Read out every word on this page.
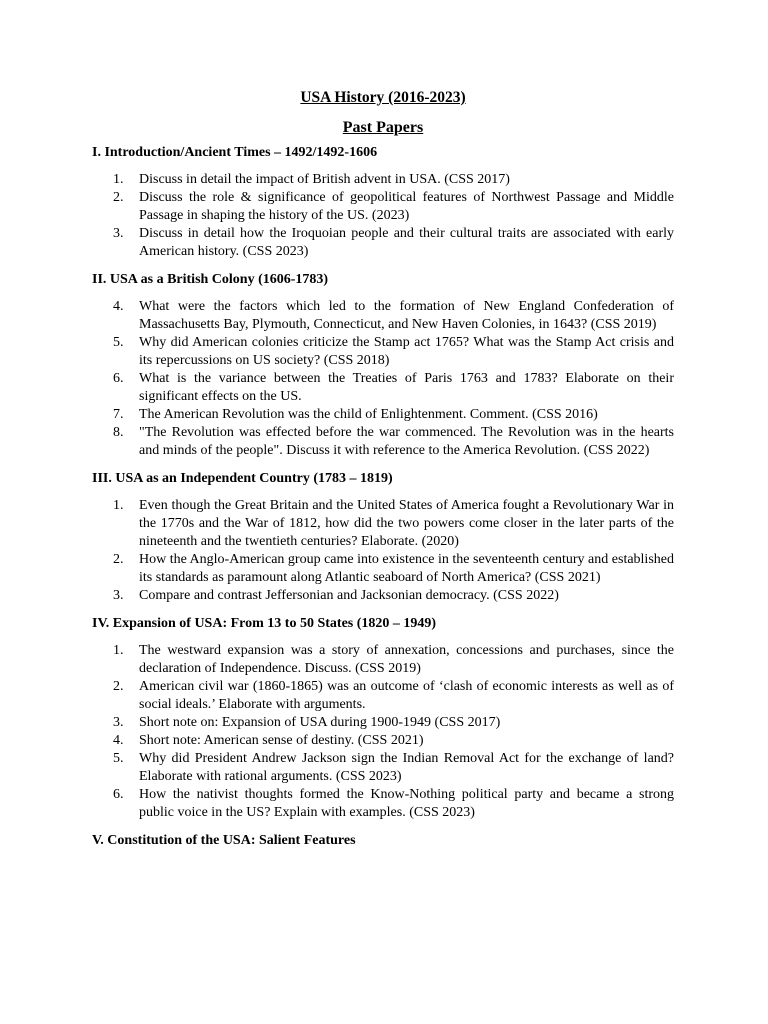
USA History (2016-2023)
Past Papers
I. Introduction/Ancient Times – 1492/1492-1606
1. Discuss in detail the impact of British advent in USA. (CSS 2017)
2. Discuss the role & significance of geopolitical features of Northwest Passage and Middle Passage in shaping the history of the US. (2023)
3. Discuss in detail how the Iroquoian people and their cultural traits are associated with early American history. (CSS 2023)
II. USA as a British Colony (1606-1783)
4. What were the factors which led to the formation of New England Confederation of Massachusetts Bay, Plymouth, Connecticut, and New Haven Colonies, in 1643? (CSS 2019)
5. Why did American colonies criticize the Stamp act 1765? What was the Stamp Act crisis and its repercussions on US society? (CSS 2018)
6. What is the variance between the Treaties of Paris 1763 and 1783? Elaborate on their significant effects on the US.
7. The American Revolution was the child of Enlightenment. Comment. (CSS 2016)
8. "The Revolution was effected before the war commenced. The Revolution was in the hearts and minds of the people". Discuss it with reference to the America Revolution. (CSS 2022)
III. USA as an Independent Country (1783 – 1819)
1. Even though the Great Britain and the United States of America fought a Revolutionary War in the 1770s and the War of 1812, how did the two powers come closer in the later parts of the nineteenth and the twentieth centuries? Elaborate. (2020)
2. How the Anglo-American group came into existence in the seventeenth century and established its standards as paramount along Atlantic seaboard of North America? (CSS 2021)
3. Compare and contrast Jeffersonian and Jacksonian democracy. (CSS 2022)
IV. Expansion of USA: From 13 to 50 States (1820 – 1949)
1. The westward expansion was a story of annexation, concessions and purchases, since the declaration of Independence. Discuss. (CSS 2019)
2. American civil war (1860-1865) was an outcome of ‘clash of economic interests as well as of social ideals.’ Elaborate with arguments.
3. Short note on: Expansion of USA during 1900-1949 (CSS 2017)
4. Short note: American sense of destiny. (CSS 2021)
5. Why did President Andrew Jackson sign the Indian Removal Act for the exchange of land? Elaborate with rational arguments. (CSS 2023)
6. How the nativist thoughts formed the Know-Nothing political party and became a strong public voice in the US? Explain with examples. (CSS 2023)
V. Constitution of the USA: Salient Features
